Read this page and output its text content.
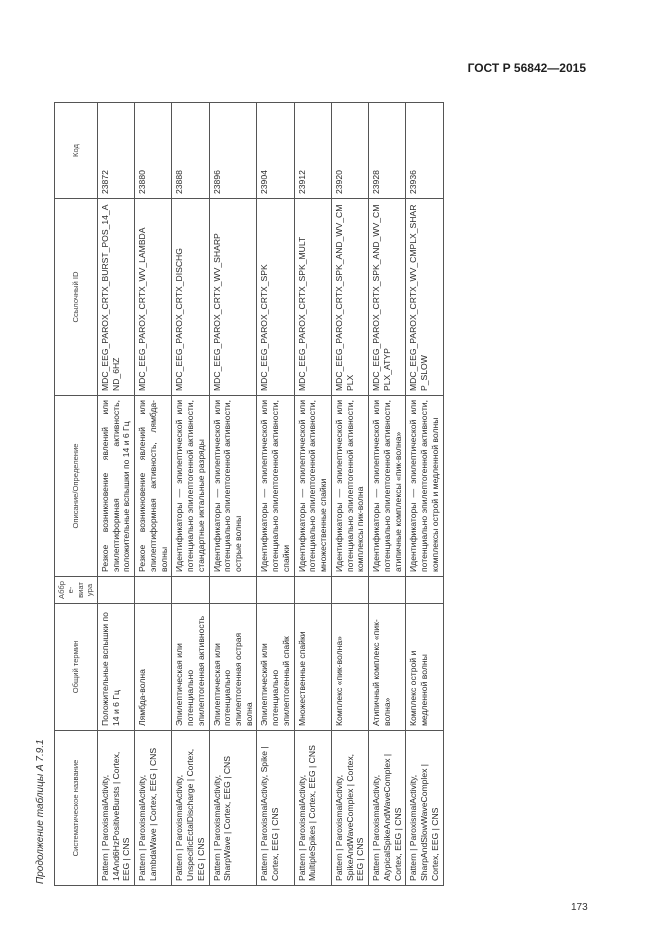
ГОСТ Р 56842—2015
Продолжение таблицы А 7.9.1	Систематическое название	Общий термин	Аббре-виатура	Описание/Определение	Ссылочный ID	Код
Pattern | ParoxismalActivity, 14And6HzPositiveBursts | Cortex, EEG | CNS	Положительные вспышки по 14 и 6 Гц		Резкое возникновение явлений или эпилептиформная активность, положительные вспышки по 14 и 6 Гц	MDC_EEG_PAROX_CRTX_BURST_POS_14_AND_6HZ	23872
Pattern | ParoxismalActivity, LambdaWave | Cortex, EEG | CNS	Лямбда-волна		Резкое возникновение явлений или эпилептиформная активность, лямбда-волны	MDC_EEG_PAROX_CRTX_WV_LAMBDA	23880
Pattern | ParoxismalActivity, UnspecificEctalDischarge | Cortex, EEG | CNS	Эпилептическая или потенциально эпилептогенная активность		Идентификаторы — эпилептической или потенциально эпилептогенной активности, стандартные иктальные разряды	MDC_EEG_PAROX_CRTX_DISCHG	23888
Pattern | ParoxismalActivity, SharpWave | Cortex, EEG | CNS	Эпилептическая или потенциально эпилептогенная острая волна		Идентификаторы — эпилептической или потенциально эпилептогенной активности, острые волны	MDC_EEG_PAROX_CRTX_WV_SHARP	23896
Pattern | ParoxismalActivity, Spike | Cortex, EEG | CNS	Эпилептический или потенциально эпилептогенный спайк		Идентификаторы — эпилептической или потенциально эпилептогенной активности, спайки	MDC_EEG_PAROX_CRTX_SPK	23904
Pattern | ParoxismalActivity, MultipleSpikes | Cortex, EEG | CNS	Множественные спайки		Идентификаторы — эпилептической или потенциально эпилептогенной активности, множественные спайки	MDC_EEG_PAROX_CRTX_SPK_MULT	23912
Pattern | ParoxismalActivity, SpikeAndWaveComplex | Cortex, EEG | CNS	Комплекс «пик-волна»		Идентификаторы — эпилептической или потенциально эпилептогенной активности, комплексы пик-волна	MDC_EEG_PAROX_CRTX_SPK_AND_WV_CMPLX	23920
Pattern | ParoxismalActivity, AtypicalSpikeAndWaveComplex | Cortex, EEG | CNS	Атипичный комплекс «пик-волна»		Идентификаторы — эпилептической или потенциально эпилептогенной активности, атипичные комплексы «пик-волна»	MDC_EEG_PAROX_CRTX_SPK_AND_WV_CMPLX_ATYP	23928
Pattern | ParoxismalActivity, SharpAndSlowWaveComplex | Cortex, EEG | CNS	Комплекс острой и медленной волны		Идентификаторы — эпилептической или потенциально эпилептогенной активности, комплексы острой и медленной волны	MDC_EEG_PAROX_CRTX_WV_CMPLX_SHARP_SLOW	23936
173
